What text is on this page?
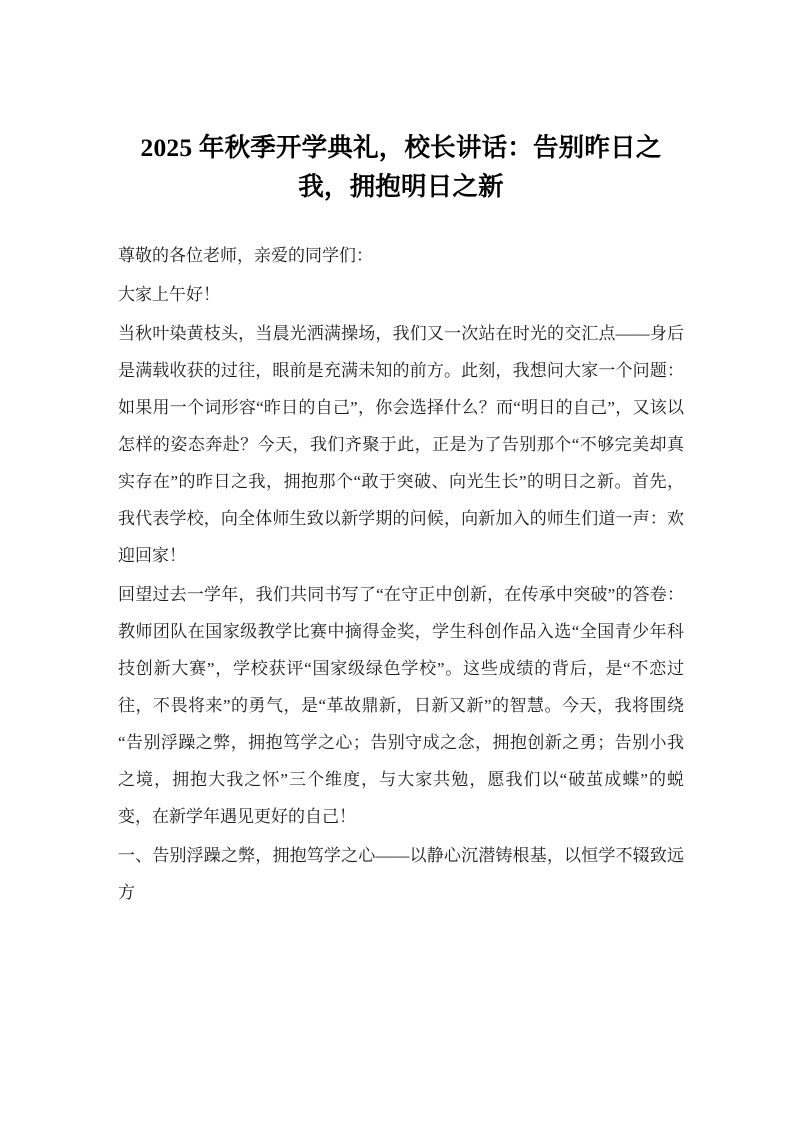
2025 年秋季开学典礼，校长讲话：告别昨日之我，拥抱明日之新

尊敬的各位老师，亲爱的同学们：

大家上午好！

当秋叶染黄枝头，当晨光洒满操场，我们又一次站在时光的交汇点——身后是满载收获的过往，眼前是充满未知的前方。此刻，我想问大家一个问题：如果用一个词形容“昨日的自己”，你会选择什么？而“明日的自己”，又该以怎样的姿态奔赴？今天，我们齐聚于此，正是为了告别那个“不够完美却真实存在”的昨日之我，拥抱那个“敢于突破、向光生长”的明日之新。首先，我代表学校，向全体师生致以新学期的问候，向新加入的师生们道一声：欢迎回家！

回望过去一学年，我们共同书写了“在守正中创新，在传承中突破”的答卷：教师团队在国家级教学比赛中摘得金奖，学生科创作品入选“全国青少年科技创新大赛”，学校获评“国家级绿色学校”。这些成绩的背后，是“不恋过往，不畏将来”的勇气，是“革故鼎新，日新又新”的智慧。今天，我将围绕“告别浮躁之弊，拥抱笃学之心；告别守成之念，拥抱创新之勇；告别小我之境，拥抱大我之怀”三个维度，与大家共勉，愿我们以“破茧成蝶”的蜕变，在新学年遇见更好的自己！

一、告别浮躁之弊，拥抱笃学之心——以静心沉潜铸根基，以恒学不辍致远方
